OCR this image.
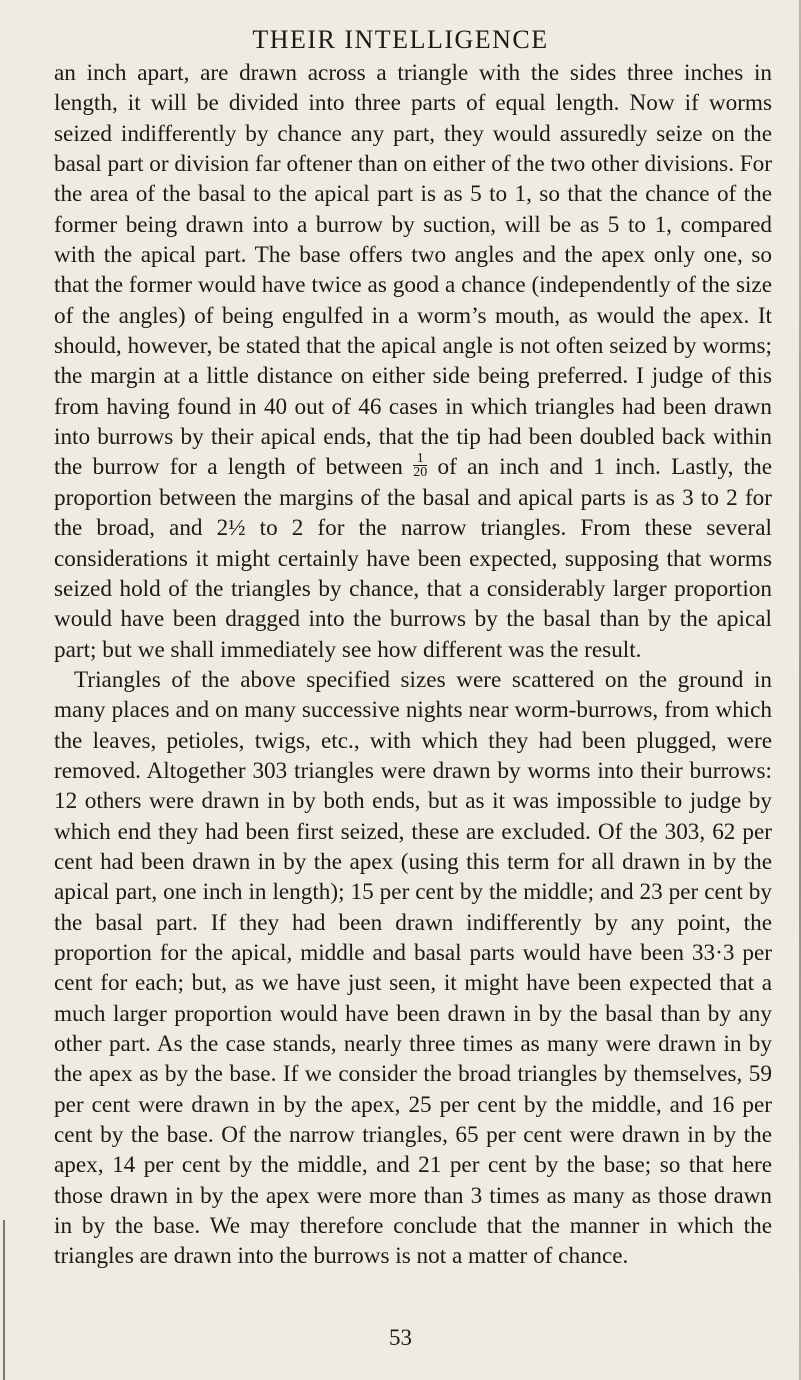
THEIR INTELLIGENCE

an inch apart, are drawn across a triangle with the sides three inches in length, it will be divided into three parts of equal length. Now if worms seized indifferently by chance any part, they would assuredly seize on the basal part or division far oftener than on either of the two other divisions. For the area of the basal to the apical part is as 5 to 1, so that the chance of the former being drawn into a burrow by suction, will be as 5 to 1, compared with the apical part. The base offers two angles and the apex only one, so that the former would have twice as good a chance (independently of the size of the angles) of being engulfed in a worm’s mouth, as would the apex. It should, however, be stated that the apical angle is not often seized by worms; the margin at a little distance on either side being preferred. I judge of this from having found in 40 out of 46 cases in which triangles had been drawn into burrows by their apical ends, that the tip had been doubled back within the burrow for a length of between $\frac{1}{20}$ of an inch and 1 inch. Lastly, the proportion between the margins of the basal and apical parts is as 3 to 2 for the broad, and 2½ to 2 for the narrow triangles. From these several considerations it might certainly have been expected, supposing that worms seized hold of the triangles by chance, that a considerably larger proportion would have been dragged into the burrows by the basal than by the apical part; but we shall immediately see how different was the result.

Triangles of the above specified sizes were scattered on the ground in many places and on many successive nights near worm-burrows, from which the leaves, petioles, twigs, etc., with which they had been plugged, were removed. Altogether 303 triangles were drawn by worms into their burrows: 12 others were drawn in by both ends, but as it was impossible to judge by which end they had been first seized, these are excluded. Of the 303, 62 per cent had been drawn in by the apex (using this term for all drawn in by the apical part, one inch in length); 15 per cent by the middle; and 23 per cent by the basal part. If they had been drawn indifferently by any point, the proportion for the apical, middle and basal parts would have been 33·3 per cent for each; but, as we have just seen, it might have been expected that a much larger proportion would have been drawn in by the basal than by any other part. As the case stands, nearly three times as many were drawn in by the apex as by the base. If we consider the broad triangles by themselves, 59 per cent were drawn in by the apex, 25 per cent by the middle, and 16 per cent by the base. Of the narrow triangles, 65 per cent were drawn in by the apex, 14 per cent by the middle, and 21 per cent by the base; so that here those drawn in by the apex were more than 3 times as many as those drawn in by the base. We may therefore conclude that the manner in which the triangles are drawn into the burrows is not a matter of chance.

53
